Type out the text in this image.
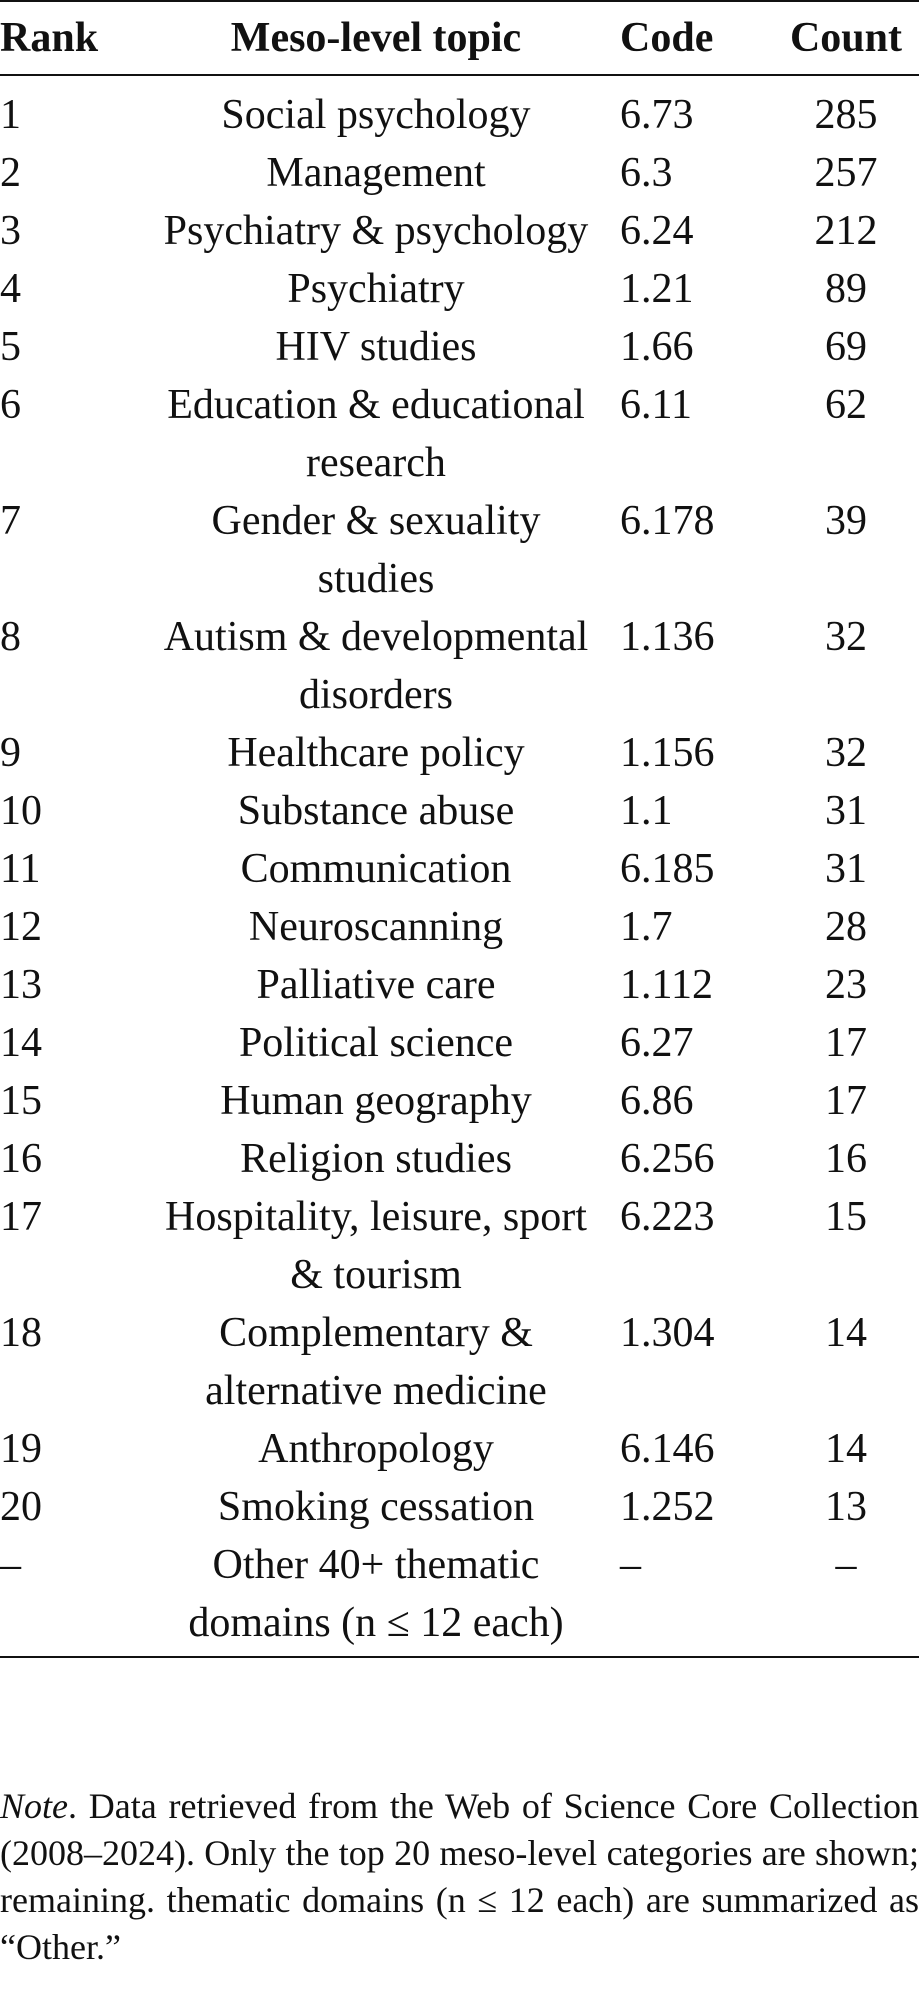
Rank	Meso-level topic	Code	Count
1	Social psychology	6.73	285
2	Management	6.3	257
3	Psychiatry & psychology	6.24	212
4	Psychiatry	1.21	89
5	HIV studies	1.66	69
6	Education & educational research	6.11	62
7	Gender & sexuality studies	6.178	39
8	Autism & developmental disorders	1.136	32
9	Healthcare policy	1.156	32
10	Substance abuse	1.1	31
11	Communication	6.185	31
12	Neuroscanning	1.7	28
13	Palliative care	1.112	23
14	Political science	6.27	17
15	Human geography	6.86	17
16	Religion studies	6.256	16
17	Hospitality, leisure, sport & tourism	6.223	15
18	Complementary & alternative medicine	1.304	14
19	Anthropology	6.146	14
20	Smoking cessation	1.252	13
–	Other 40+ thematic domains (n ≤ 12 each)	–	–

Note. Data retrieved from the Web of Science Core Collection (2008–2024). Only the top 20 meso-level categories are shown; remaining. thematic domains (n ≤ 12 each) are summarized as “Other.”
